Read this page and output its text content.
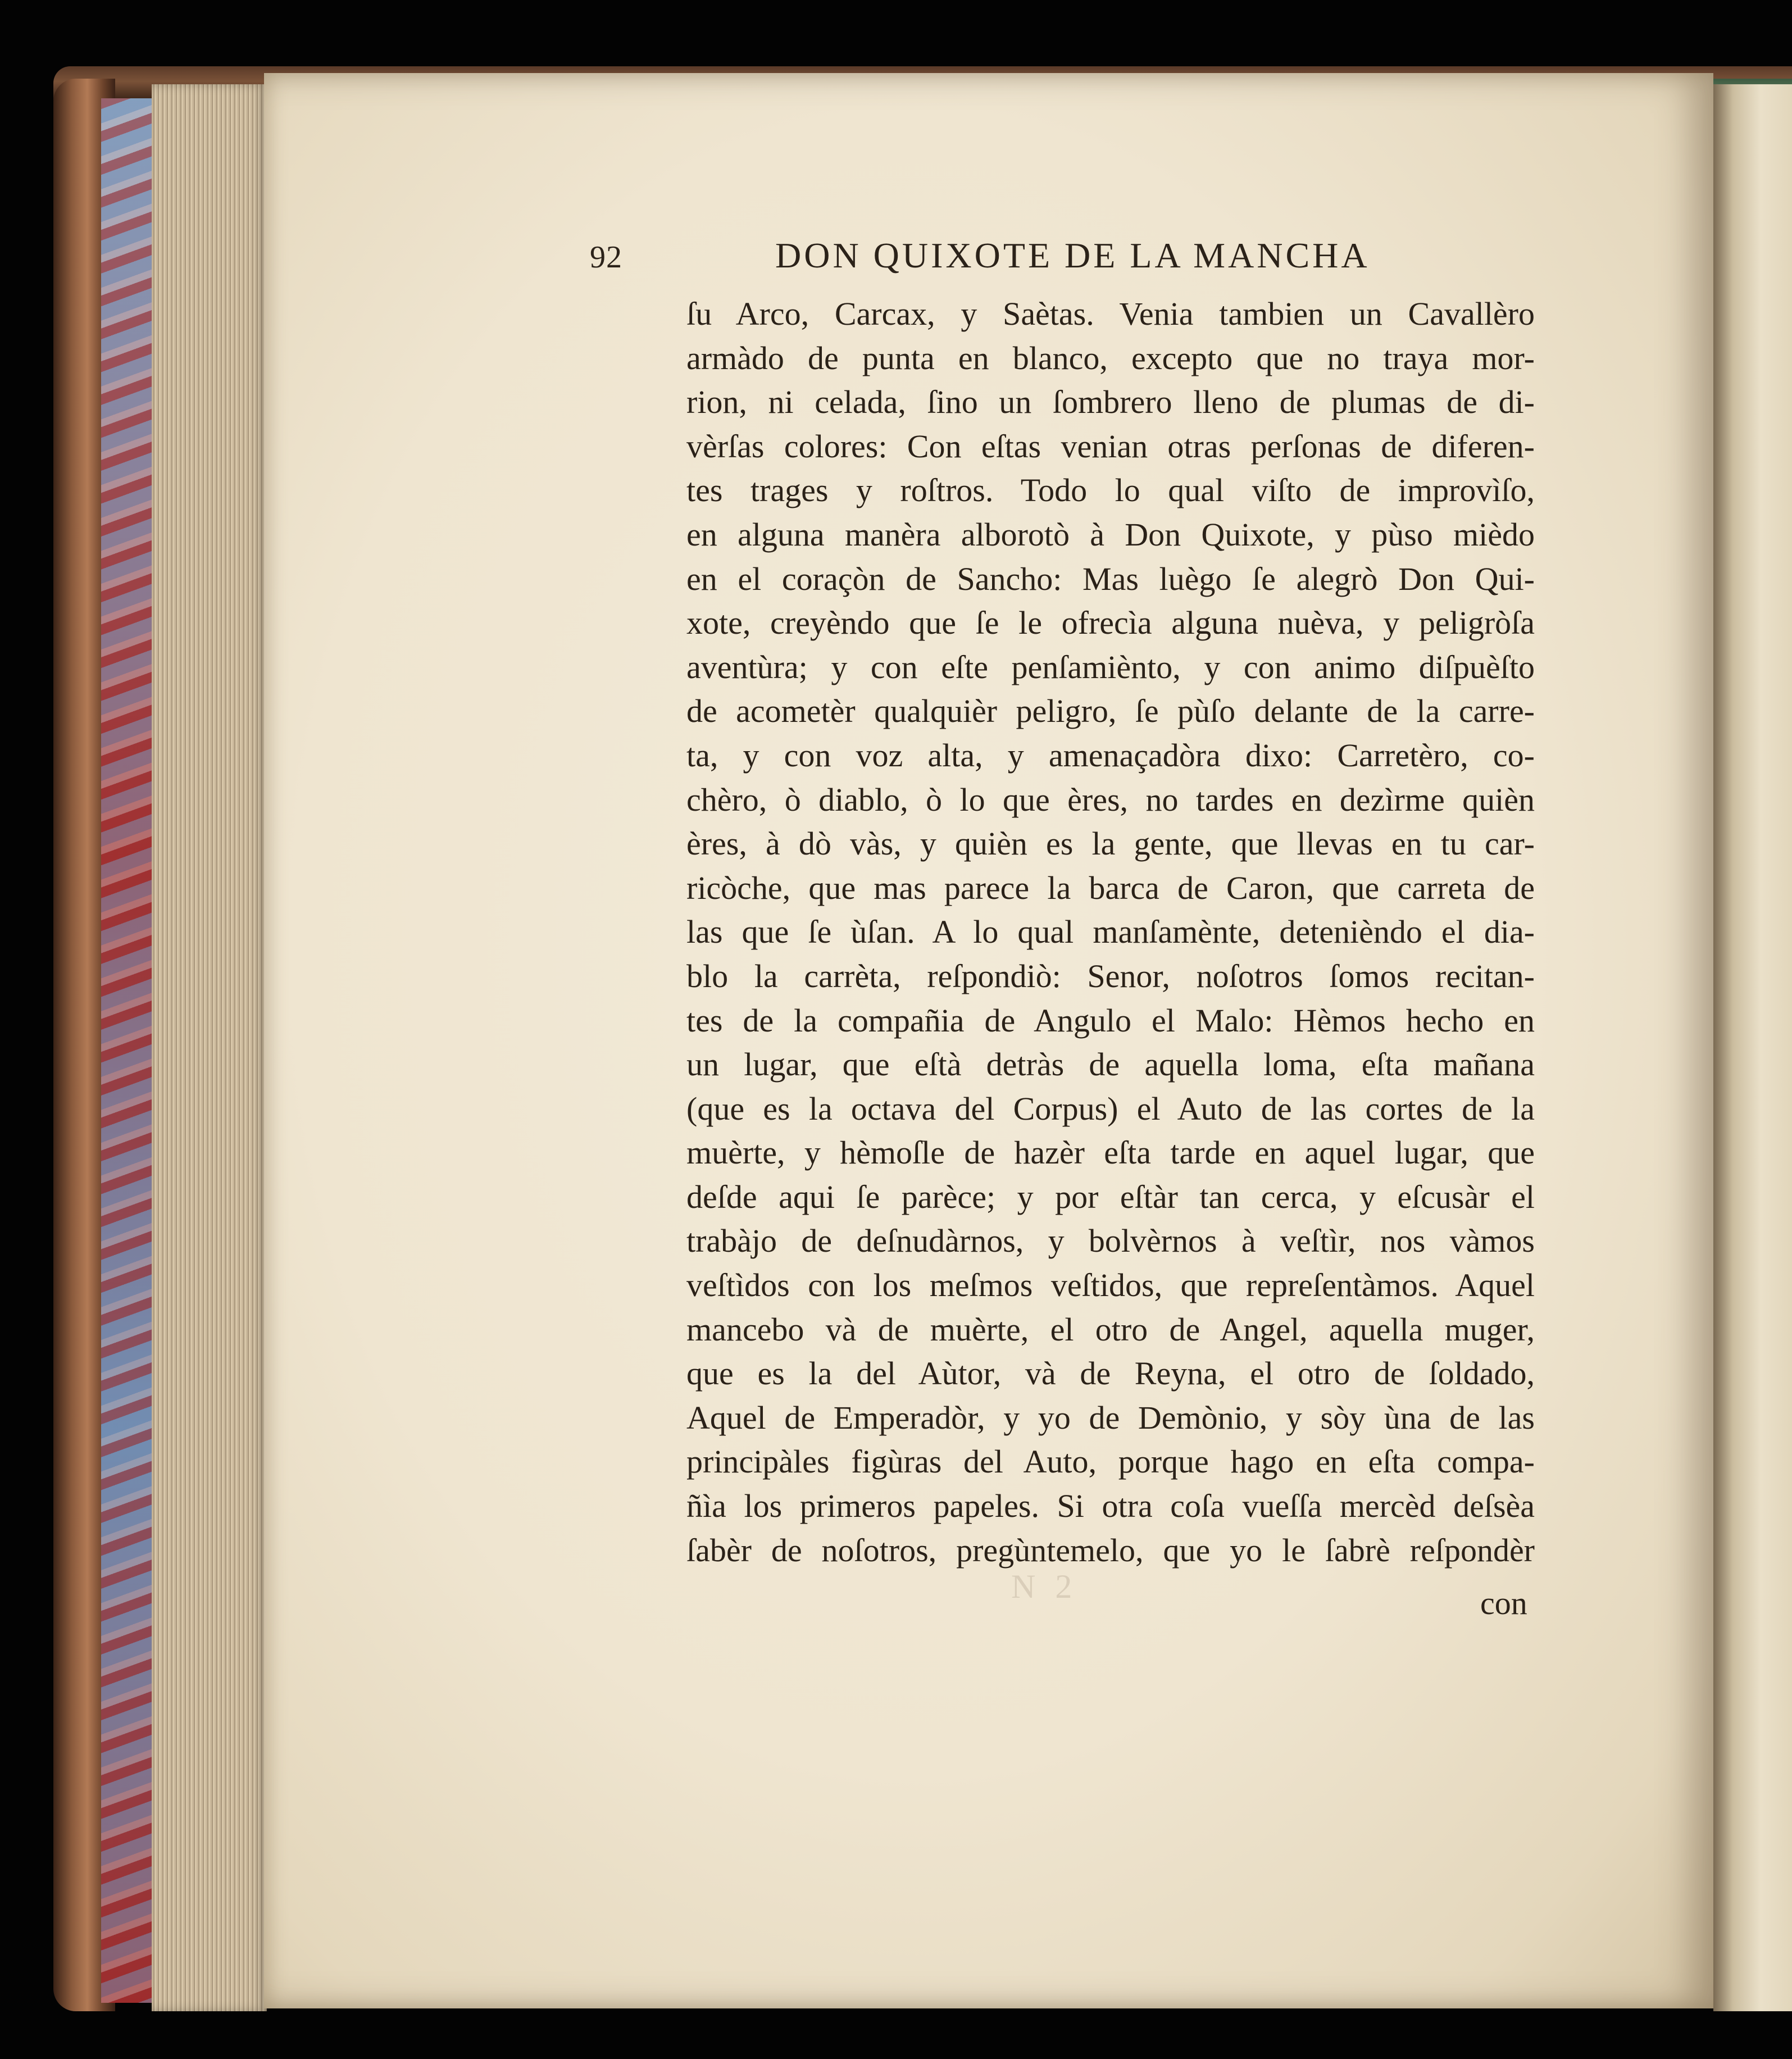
92	DON QUIXOTE DE LA MANCHA
ſu Arco, Carcax, y Saètas. Venia tambien un Cavallèro
armàdo de punta en blanco, excepto que no traya mor-
rion, ni celada, ſino un ſombrero lleno de plumas de di-
vèrſas colores: Con eſtas venian otras perſonas de diferen-
tes trages y roſtros. Todo lo qual viſto de improvìſo,
en alguna manèra alborotò à Don Quixote, y pùso mièdo
en el coraçòn de Sancho: Mas luègo ſe alegrò Don Qui-
xote, creyèndo que ſe le ofrecìa alguna nuèva, y peligròſa
aventùra; y con eſte penſamiènto, y con animo diſpuèſto
de acometèr qualquièr peligro, ſe pùſo delante de la carre-
ta, y con voz alta, y amenaçadòra dixo: Carretèro, co-
chèro, ò diablo, ò lo que ères, no tardes en dezìrme quièn
ères, à dò vàs, y quièn es la gente, que llevas en tu car-
ricòche, que mas parece la barca de Caron, que carreta de
las que ſe ùſan. A lo qual manſamènte, detenièndo el dia-
blo la carrèta, reſpondiò: Senor, noſotros ſomos recitan-
tes de la compañia de Angulo el Malo: Hèmos hecho en
un lugar, que eſtà detràs de aquella loma, eſta mañana
(que es la octava del Corpus) el Auto de las cortes de la
muèrte, y hèmoſle de hazèr eſta tarde en aquel lugar, que
deſde aqui ſe parèce; y por eſtàr tan cerca, y eſcusàr el
trabàjo de deſnudàrnos, y bolvèrnos à veſtìr, nos vàmos
veſtìdos con los meſmos veſtidos, que repreſentàmos. Aquel
mancebo và de muèrte, el otro de Angel, aquella muger,
que es la del Aùtor, và de Reyna, el otro de ſoldado,
Aquel de Emperadòr, y yo de Demònio, y sòy ùna de las
principàles figùras del Auto, porque hago en eſta compa-
ñìa los primeros papeles. Si otra coſa vueſſa mercèd deſsèa
ſabèr de noſotros, pregùntemelo, que yo le ſabrè reſpondèr
N 2	con
